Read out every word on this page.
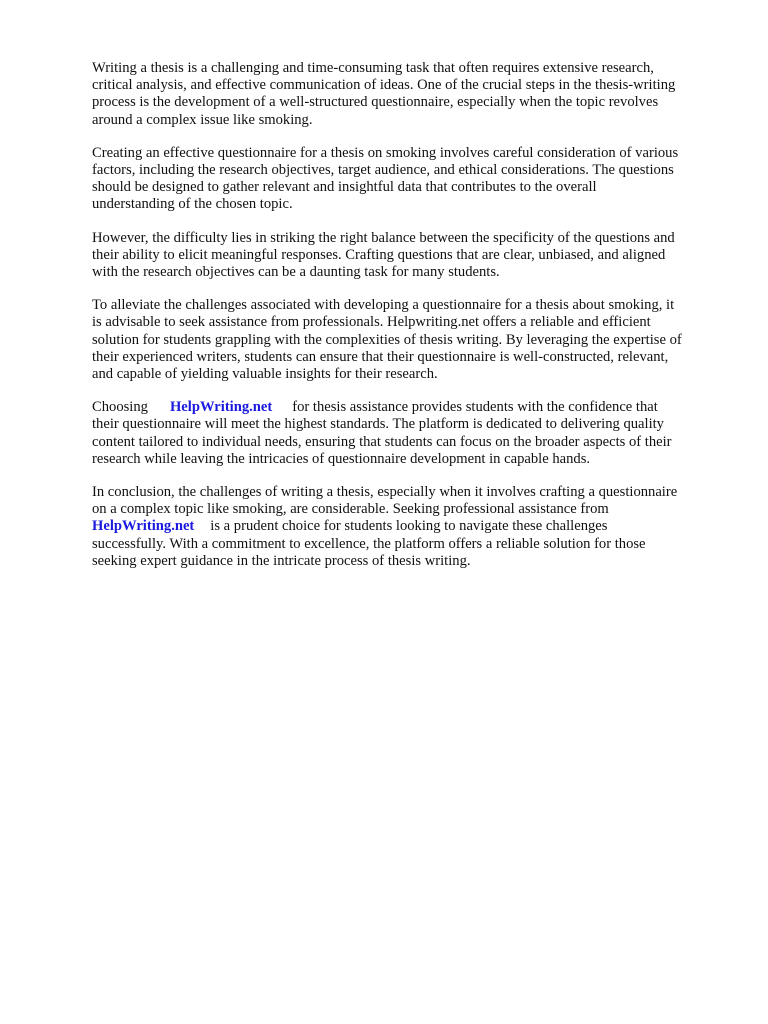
Writing a thesis is a challenging and time-consuming task that often requires extensive research,
critical analysis, and effective communication of ideas. One of the crucial steps in the thesis-writing
process is the development of a well-structured questionnaire, especially when the topic revolves
around a complex issue like smoking.

Creating an effective questionnaire for a thesis on smoking involves careful consideration of various
factors, including the research objectives, target audience, and ethical considerations. The questions
should be designed to gather relevant and insightful data that contributes to the overall
understanding of the chosen topic.

However, the difficulty lies in striking the right balance between the specificity of the questions and
their ability to elicit meaningful responses. Crafting questions that are clear, unbiased, and aligned
with the research objectives can be a daunting task for many students.

To alleviate the challenges associated with developing a questionnaire for a thesis about smoking, it
is advisable to seek assistance from professionals. Helpwriting.net offers a reliable and efficient
solution for students grappling with the complexities of thesis writing. By leveraging the expertise of
their experienced writers, students can ensure that their questionnaire is well-constructed, relevant,
and capable of yielding valuable insights for their research.

Choosing HelpWriting.net for thesis assistance provides students with the confidence that
their questionnaire will meet the highest standards. The platform is dedicated to delivering quality
content tailored to individual needs, ensuring that students can focus on the broader aspects of their
research while leaving the intricacies of questionnaire development in capable hands.

In conclusion, the challenges of writing a thesis, especially when it involves crafting a questionnaire
on a complex topic like smoking, are considerable. Seeking professional assistance from
HelpWriting.net is a prudent choice for students looking to navigate these challenges
successfully. With a commitment to excellence, the platform offers a reliable solution for those
seeking expert guidance in the intricate process of thesis writing.
